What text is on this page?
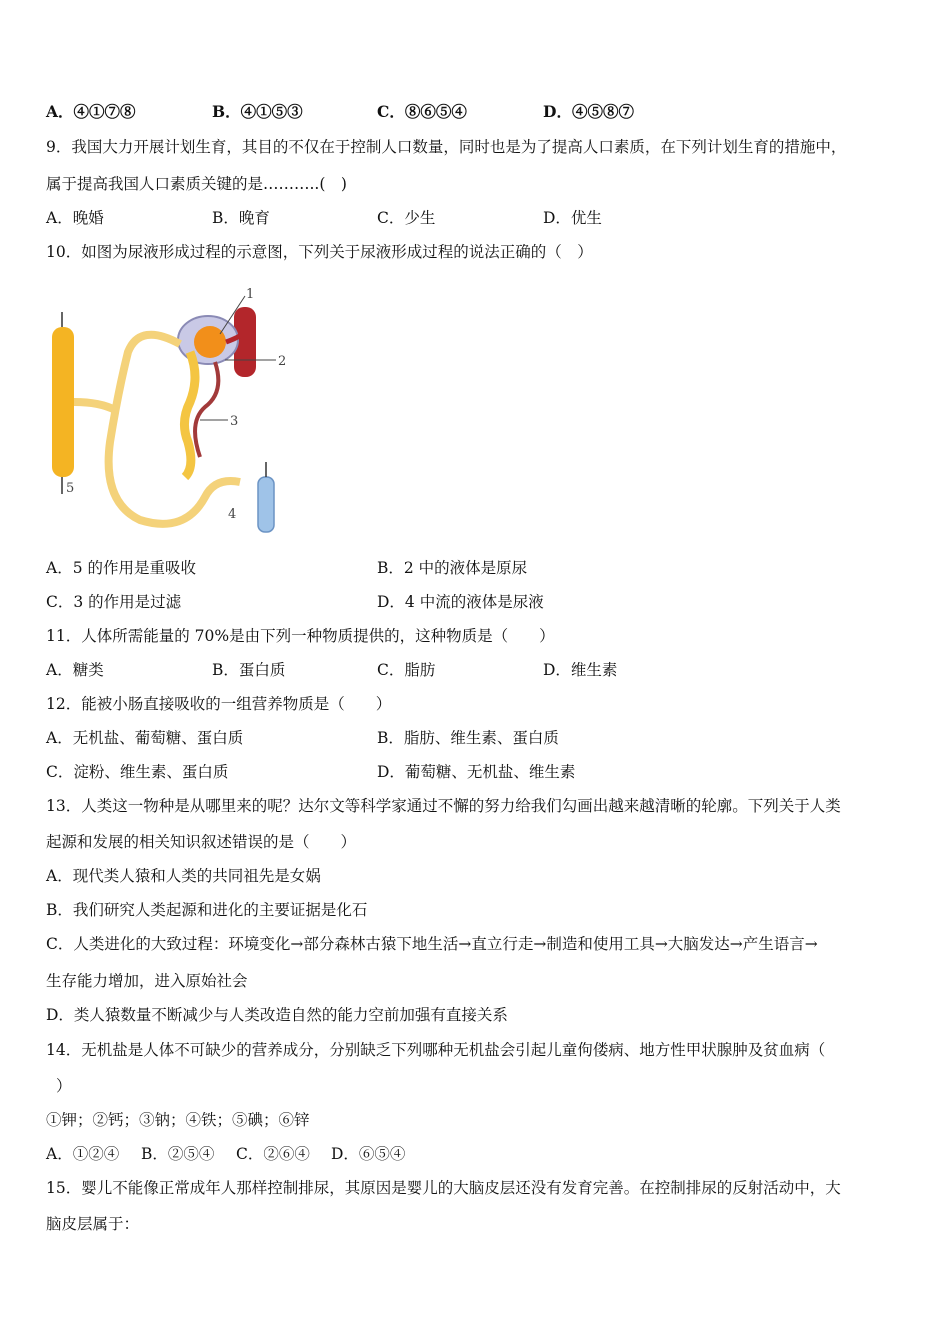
A．④①⑦⑧	B．④①⑤③	C．⑧⑥⑤④	D．④⑤⑧⑦
9．我国大力开展计划生育，其目的不仅在于控制人口数量，同时也是为了提高人口素质，在下列计划生育的措施中，
属于提高我国人口素质关键的是………..(　)
A．晚婚	B．晚育	C．少生	D．优生
10．如图为尿液形成过程的示意图，下列关于尿液形成过程的说法正确的（　）
1
2
3
4
5
A．5 的作用是重吸收	B．2 中的液体是原尿
C．3 的作用是过滤	D．4 中流的液体是尿液
11．人体所需能量的 70%是由下列一种物质提供的，这种物质是（　　）
A．糖类	B．蛋白质	C．脂肪	D．维生素
12．能被小肠直接吸收的一组营养物质是（　　）
A．无机盐、葡萄糖、蛋白质	B．脂肪、维生素、蛋白质
C．淀粉、维生素、蛋白质	D．葡萄糖、无机盐、维生素
13．人类这一物种是从哪里来的呢？达尔文等科学家通过不懈的努力给我们勾画出越来越清晰的轮廓。下列关于人类
起源和发展的相关知识叙述错误的是（　　）
A．现代类人猿和人类的共同祖先是女娲
B．我们研究人类起源和进化的主要证据是化石
C．人类进化的大致过程：环境变化→部分森林古猿下地生活→直立行走→制造和使用工具→大脑发达→产生语言→
生存能力增加，进入原始社会
D．类人猿数量不断减少与人类改造自然的能力空前加强有直接关系
14．无机盐是人体不可缺少的营养成分，分别缺乏下列哪种无机盐会引起儿童佝偻病、地方性甲状腺肿及贫血病（
）
①钾；②钙；③钠；④铁；⑤碘；⑥锌
A．①②④ B．②⑤④ C．②⑥④ D．⑥⑤④
15．婴儿不能像正常成年人那样控制排尿，其原因是婴儿的大脑皮层还没有发育完善。在控制排尿的反射活动中，大
脑皮层属于：
